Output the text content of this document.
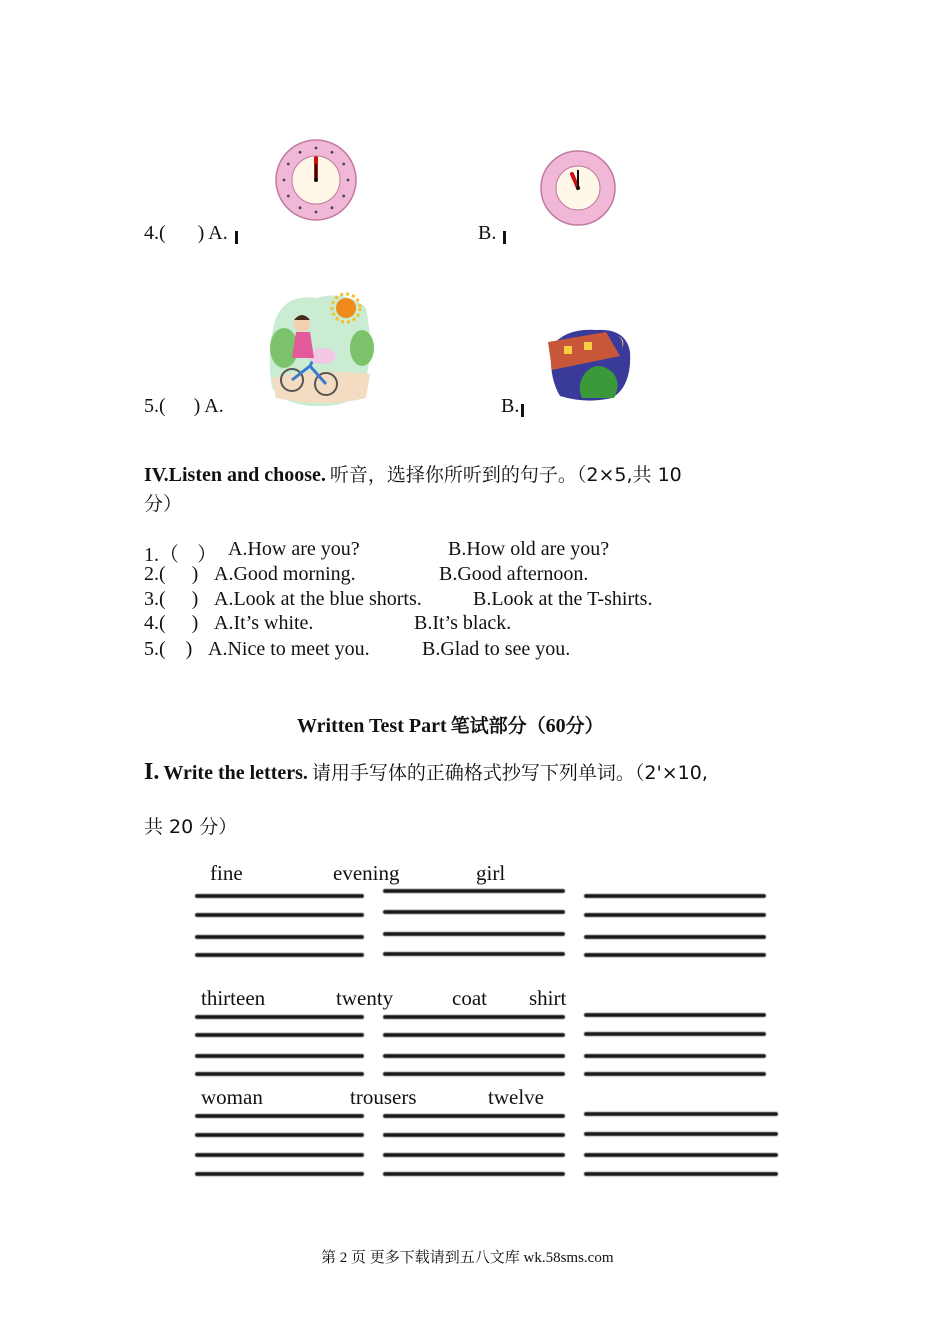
4.( ) A.	B.
5.( ) A.	B.
IV.Listen and choose. 听音，选择你所听到的句子。（2×5,共 10
分）
1.（ ） A.How are you?	B.How old are you?
2.( ) A.Good morning.	B.Good afternoon.
3.( ) A.Look at the blue shorts.	B.Look at the T-shirts.
4.( ) A.It’s white.	B.It’s black.
5.( ) A.Nice to meet you.	B.Glad to see you.
Written Test Part 笔试部分（60分）
I. Write the letters. 请用手写体的正确格式抄写下列单词。（2'×10,
共 20 分）
fine	evening	girl
thirteen	twenty	coat shirt
woman	trousers	twelve
第 2 页 更多下载请到五八文库 wk.58sms.com
